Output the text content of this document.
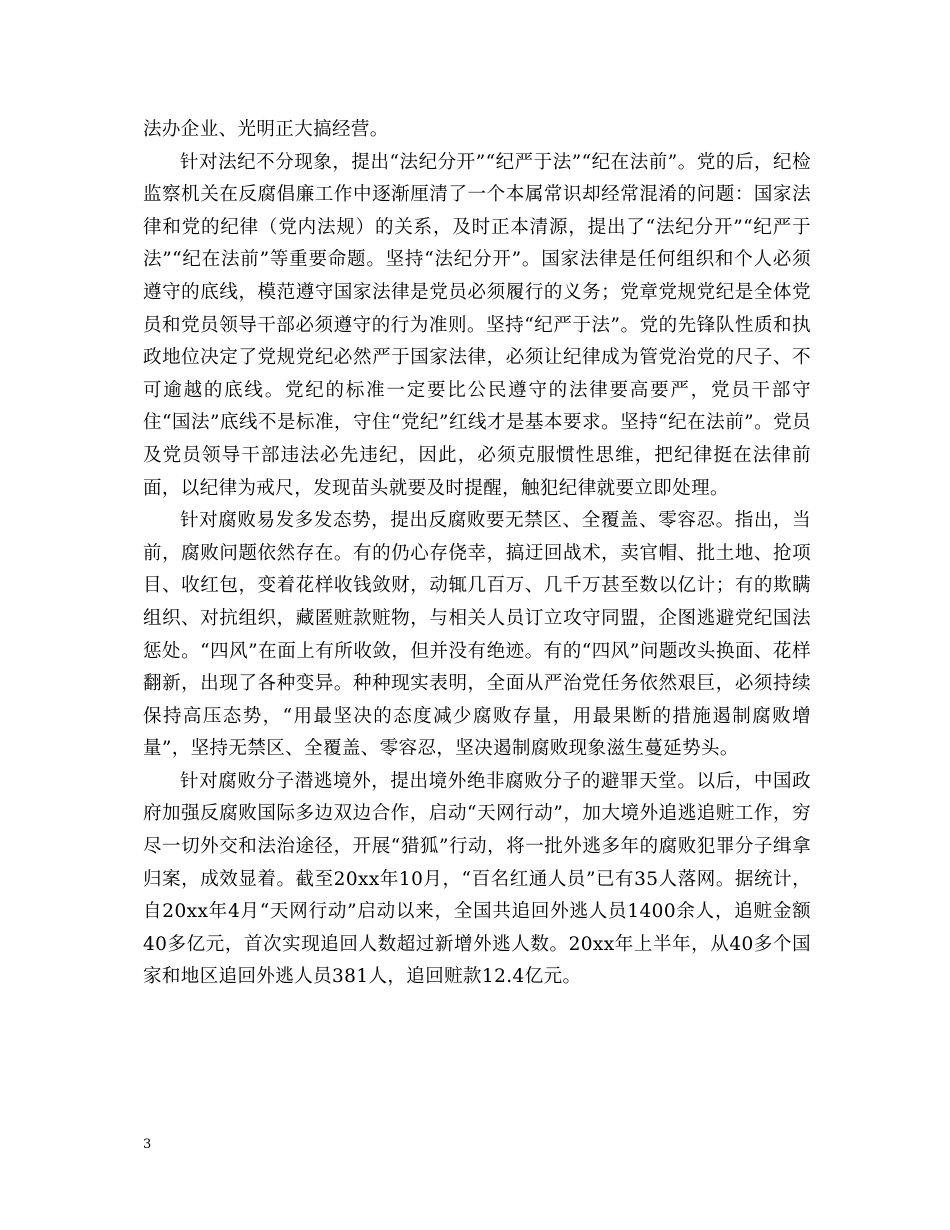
法办企业、光明正大搞经营。

针对法纪不分现象，提出“法纪分开”“纪严于法”“纪在法前”。党的后，纪检监察机关在反腐倡廉工作中逐渐厘清了一个本属常识却经常混淆的问题：国家法律和党的纪律（党内法规）的关系，及时正本清源，提出了“法纪分开”“纪严于法”“纪在法前”等重要命题。坚持“法纪分开”。国家法律是任何组织和个人必须遵守的底线，模范遵守国家法律是党员必须履行的义务；党章党规党纪是全体党员和党员领导干部必须遵守的行为准则。坚持“纪严于法”。党的先锋队性质和执政地位决定了党规党纪必然严于国家法律，必须让纪律成为管党治党的尺子、不可逾越的底线。党纪的标准一定要比公民遵守的法律要高要严，党员干部守住“国法”底线不是标准，守住“党纪”红线才是基本要求。坚持“纪在法前”。党员及党员领导干部违法必先违纪，因此，必须克服惯性思维，把纪律挺在法律前面，以纪律为戒尺，发现苗头就要及时提醒，触犯纪律就要立即处理。

针对腐败易发多发态势，提出反腐败要无禁区、全覆盖、零容忍。指出，当前，腐败问题依然存在。有的仍心存侥幸，搞迂回战术，卖官帽、批土地、抢项目、收红包，变着花样收钱敛财，动辄几百万、几千万甚至数以亿计；有的欺瞒组织、对抗组织，藏匿赃款赃物，与相关人员订立攻守同盟，企图逃避党纪国法惩处。“四风”在面上有所收敛，但并没有绝迹。有的“四风”问题改头换面、花样翻新，出现了各种变异。种种现实表明，全面从严治党任务依然艰巨，必须持续保持高压态势，“用最坚决的态度减少腐败存量，用最果断的措施遏制腐败增量”，坚持无禁区、全覆盖、零容忍，坚决遏制腐败现象滋生蔓延势头。

针对腐败分子潜逃境外，提出境外绝非腐败分子的避罪天堂。以后，中国政府加强反腐败国际多边双边合作，启动“天网行动”，加大境外追逃追赃工作，穷尽一切外交和法治途径，开展“猎狐”行动，将一批外逃多年的腐败犯罪分子缉拿归案，成效显着。截至20xx年10月，“百名红通人员”已有35人落网。据统计，自20xx年4月“天网行动”启动以来，全国共追回外逃人员1400余人，追赃金额40多亿元，首次实现追回人数超过新增外逃人数。20xx年上半年，从40多个国家和地区追回外逃人员381人，追回赃款12.4亿元。

3
